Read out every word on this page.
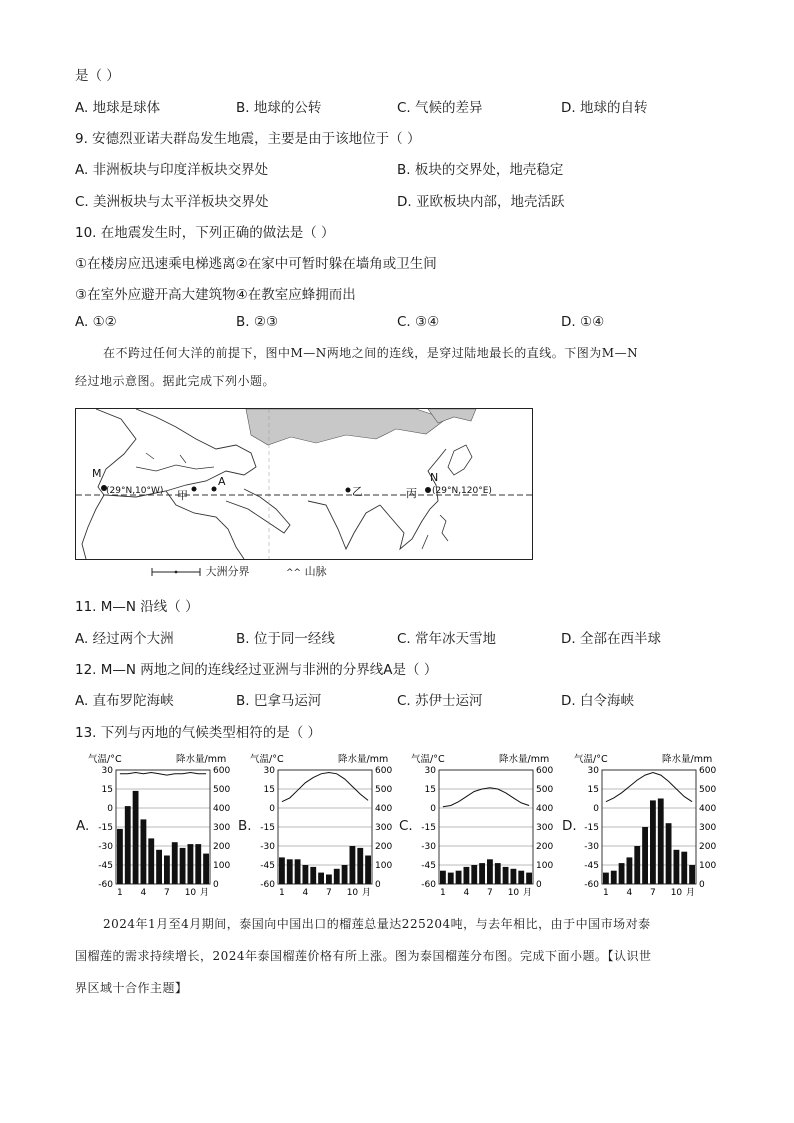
是（ ）
A. 地球是球体	B. 地球的公转	C. 气候的差异	D. 地球的自转
9. 安德烈亚诺夫群岛发生地震，主要是由于该地位于（ ）
A. 非洲板块与印度洋板块交界处	B. 板块的交界处，地壳稳定
C. 美洲板块与太平洋板块交界处	D. 亚欧板块内部，地壳活跃
10. 在地震发生时，下列正确的做法是（ ）
①在楼房应迅速乘电梯逃离②在家中可暂时躲在墙角或卫生间
③在室外应避开高大建筑物④在教室应蜂拥而出
A. ①②	B. ②③	C. ③④	D. ①④
在不跨过任何大洋的前提下，图中M—N两地之间的连线，是穿过陆地最长的直线。下图为M—N
经过地示意图。据此完成下列小题。
M
(29°N,10°W) 甲
A
乙	丙
N
(29°N,120°E)
大洲分界	^^ 山脉
11. M—N 沿线（ ）
A. 经过两个大洲	B. 位于同一经线	C. 常年冰天雪地	D. 全部在西半球
12. M—N 两地之间的连线经过亚洲与非洲的分界线A是（ ）
A. 直布罗陀海峡	B. 巴拿马运河	C. 苏伊士运河	D. 白令海峡
13. 下列与丙地的气候类型相符的是（ ）
A.	B.	C.	D.
气温/°C	降水量/mm
30	600
15	500
0	400
-15	300
-30	200
-45	100
-60	0
1 4 7 10 月
气温/°C	降水量/mm
30	600
15	500
0	400
-15	300
-30	200
-45	100
-60	0
1 4 7 10 月
气温/°C	降水量/mm
30	600
15	500
0	400
-15	300
-30	200
-45	100
-60	0
1 4 7 10 月
气温/°C	降水量/mm
30	600
15	500
0	400
-15	300
-30	200
-45	100
-60	0
1 4 7 10 月
2024年1月至4月期间，泰国向中国出口的榴莲总量达225204吨，与去年相比，由于中国市场对泰
国榴莲的需求持续增长，2024年泰国榴莲价格有所上涨。图为泰国榴莲分布图。完成下面小题。【认识世
界区域十合作主题】
